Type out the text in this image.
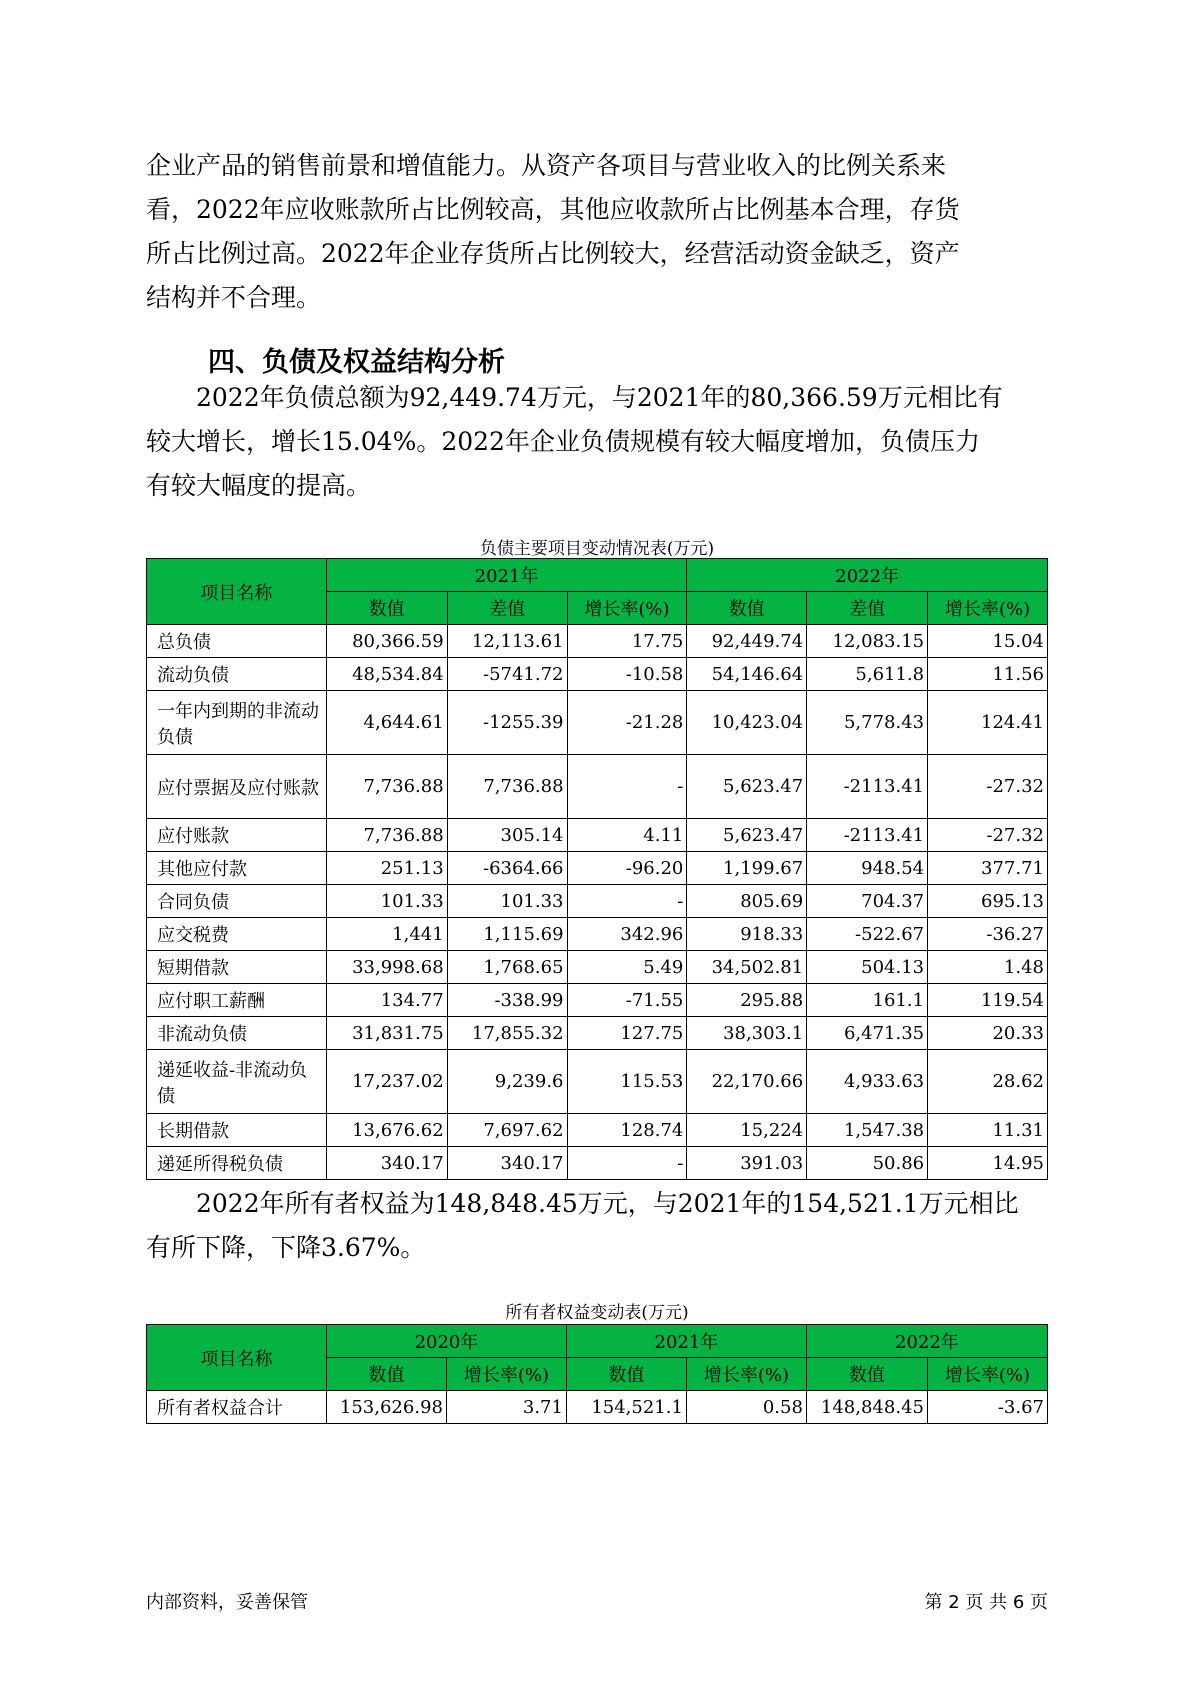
企业产品的销售前景和增值能力。从资产各项目与营业收入的比例关系来
看，2022年应收账款所占比例较高，其他应收款所占比例基本合理，存货
所占比例过高。2022年企业存货所占比例较大，经营活动资金缺乏，资产
结构并不合理。
四、负债及权益结构分析
2022年负债总额为92,449.74万元，与2021年的80,366.59万元相比有
较大增长，增长15.04%。2022年企业负债规模有较大幅度增加，负债压力
有较大幅度的提高。
负债主要项目变动情况表(万元)
项目名称	2021年			2022年		
	数值	差值	增长率(%)	数值	差值	增长率(%)
总负债	80,366.59	12,113.61	17.75	92,449.74	12,083.15	15.04
流动负债	48,534.84	-5741.72	-10.58	54,146.64	5,611.8	11.56
一年内到期的非流动负债	4,644.61	-1255.39	-21.28	10,423.04	5,778.43	124.41
应付票据及应付账款	7,736.88	7,736.88	-	5,623.47	-2113.41	-27.32
应付账款	7,736.88	305.14	4.11	5,623.47	-2113.41	-27.32
其他应付款	251.13	-6364.66	-96.20	1,199.67	948.54	377.71
合同负债	101.33	101.33	-	805.69	704.37	695.13
应交税费	1,441	1,115.69	342.96	918.33	-522.67	-36.27
短期借款	33,998.68	1,768.65	5.49	34,502.81	504.13	1.48
应付职工薪酬	134.77	-338.99	-71.55	295.88	161.1	119.54
非流动负债	31,831.75	17,855.32	127.75	38,303.1	6,471.35	20.33
递延收益-非流动负债	17,237.02	9,239.6	115.53	22,170.66	4,933.63	28.62
长期借款	13,676.62	7,697.62	128.74	15,224	1,547.38	11.31
递延所得税负债	340.17	340.17	-	391.03	50.86	14.95
2022年所有者权益为148,848.45万元，与2021年的154,521.1万元相比
有所下降，下降3.67%。
所有者权益变动表(万元)
项目名称	2020年		2021年		2022年	
	数值	增长率(%)	数值	增长率(%)	数值	增长率(%)
所有者权益合计	153,626.98	3.71	154,521.1	0.58	148,848.45	-3.67
内部资料，妥善保管	第 2 页 共 6 页
